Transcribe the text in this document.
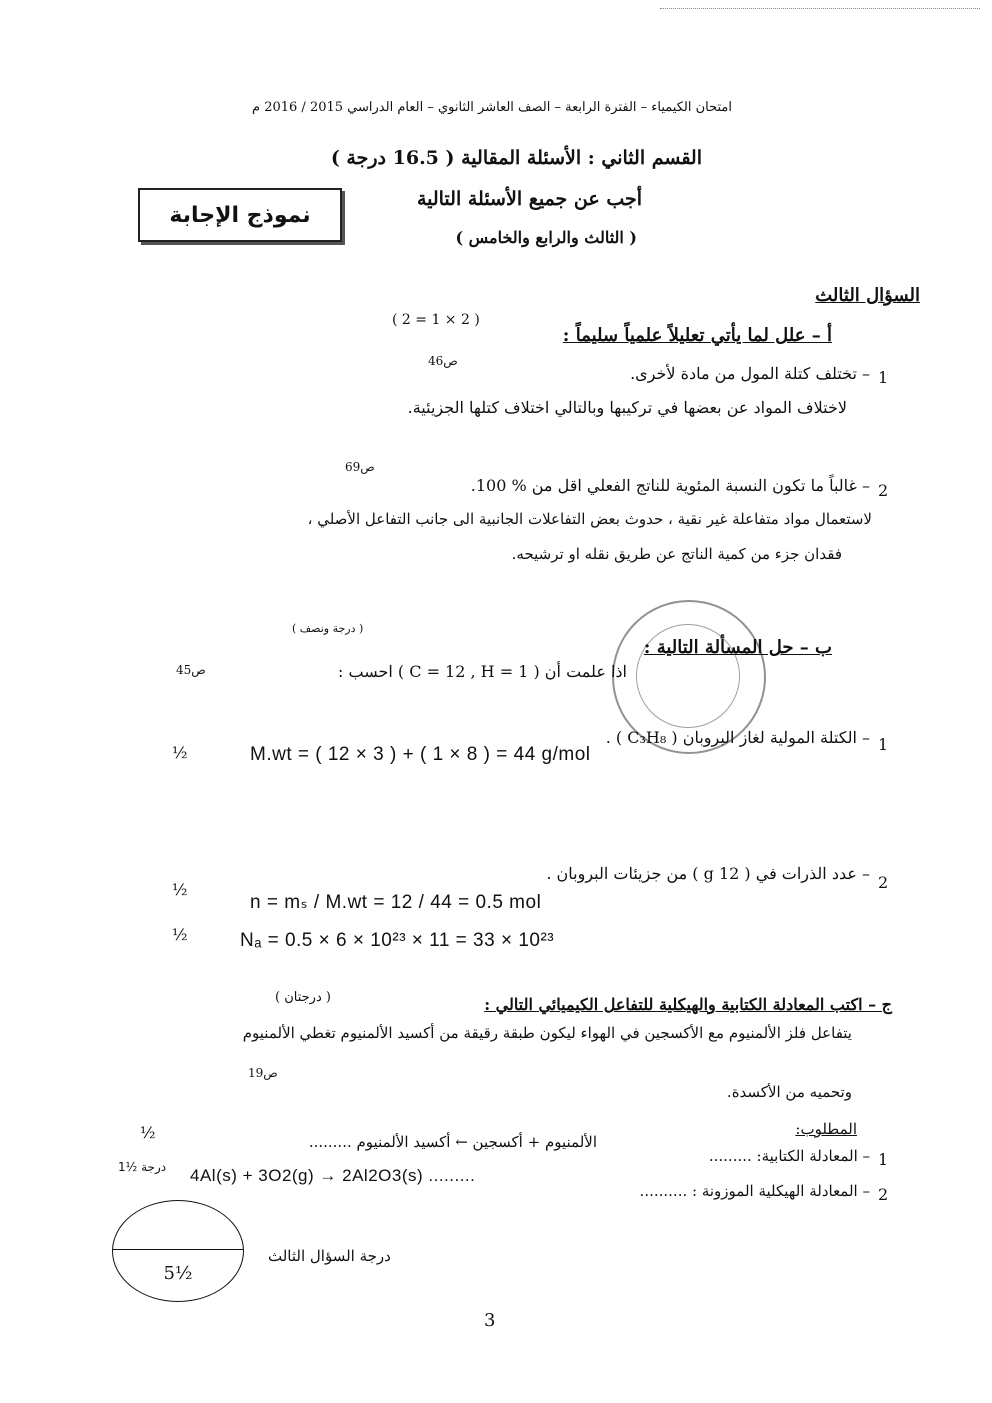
امتحان الكيمياء – الفترة الرابعة – الصف العاشر الثانوي – العام الدراسي 2015 / 2016 م
القسم الثاني : الأسئلة المقالية ( 16.5 درجة )
أجب عن جميع الأسئلة التالية
( الثالث والرابع والخامس )
نموذج الإجابة
السؤال الثالث
أ – علل لما يأتي تعليلاً علمياً سليماً :
( 2 = 1 × 2 )
ص46
1
– تختلف كتلة المول من مادة لأخرى.
لاختلاف المواد عن بعضها في تركيبها وبالتالي اختلاف كتلها الجزيئية.
ص69
2
– غالباً ما تكون النسبة المئوية للناتج الفعلي اقل من % 100.
لاستعمال مواد متفاعلة غير نقية ، حدوث بعض التفاعلات الجانبية الى جانب التفاعل الأصلي ،
فقدان جزء من كمية الناتج عن طريق نقله او ترشيحه.
( درجة ونصف )
ب – حل المسألة التالية :
ص45	اذا علمت أن ( C = 12 , H = 1 ) احسب :
1
– الكتلة المولية لغاز البروبان ( C₃H₈ ) .
½	M.wt = ( 12 × 3 ) + ( 1 × 8 ) = 44 g/mol
2
– عدد الذرات في ( 12 g ) من جزيئات البروبان .
½
n = mₛ / M.wt = 12 / 44 = 0.5 mol
½	Nₐ = 0.5 × 6 × 10²³ × 11 = 33 × 10²³
( درجتان )	ج – اكتب المعادلة الكتابية والهيكلية للتفاعل الكيميائي التالي :
يتفاعل فلز الألمنيوم مع الأكسجين في الهواء ليكون طبقة رقيقة من أكسيد الألمنيوم تغطي الألمنيوم
ص19
وتحميه من الأكسدة.
المطلوب:
½
1
– المعادلة الكتابية: .........
الألمنيوم + أكسجين ← أكسيد الألمنيوم .........
2
– المعادلة الهيكلية الموزونة : ..........
1½ درجة 4Al(s) + 3O2(g) → 2Al2O3(s) .........
5½
درجة السؤال الثالث
3
